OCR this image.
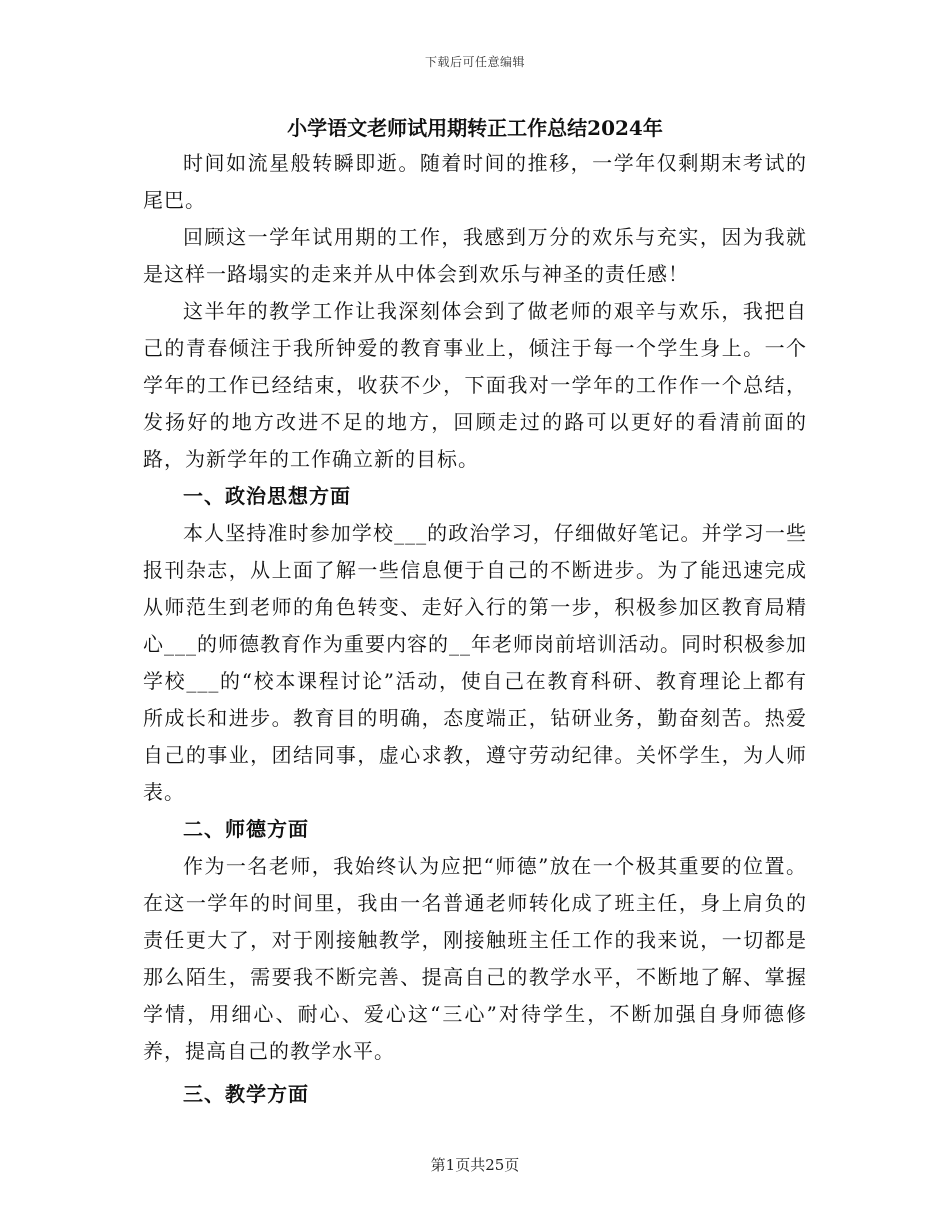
下载后可任意编辑
小学语文老师试用期转正工作总结2024年

时间如流星般转瞬即逝。随着时间的推移，一学年仅剩期末考试的尾巴。

回顾这一学年试用期的工作，我感到万分的欢乐与充实，因为我就是这样一路塌实的走来并从中体会到欢乐与神圣的责任感！

这半年的教学工作让我深刻体会到了做老师的艰辛与欢乐，我把自己的青春倾注于我所钟爱的教育事业上，倾注于每一个学生身上。一个学年的工作已经结束，收获不少，下面我对一学年的工作作一个总结，发扬好的地方改进不足的地方，回顾走过的路可以更好的看清前面的路，为新学年的工作确立新的目标。

一、政治思想方面

本人坚持准时参加学校___的政治学习，仔细做好笔记。并学习一些报刊杂志，从上面了解一些信息便于自己的不断进步。为了能迅速完成从师范生到老师的角色转变、走好入行的第一步，积极参加区教育局精心___的师德教育作为重要内容的__年老师岗前培训活动。同时积极参加学校___的“校本课程讨论”活动，使自己在教育科研、教育理论上都有所成长和进步。教育目的明确，态度端正，钻研业务，勤奋刻苦。热爱自己的事业，团结同事，虚心求教，遵守劳动纪律。关怀学生，为人师表。

二、师德方面

作为一名老师，我始终认为应把“师德”放在一个极其重要的位置。在这一学年的时间里，我由一名普通老师转化成了班主任，身上肩负的责任更大了，对于刚接触教学，刚接触班主任工作的我来说，一切都是那么陌生，需要我不断完善、提高自己的教学水平，不断地了解、掌握学情，用细心、耐心、爱心这“三心”对待学生，不断加强自身师德修养，提高自己的教学水平。

三、教学方面
第1页共25页
